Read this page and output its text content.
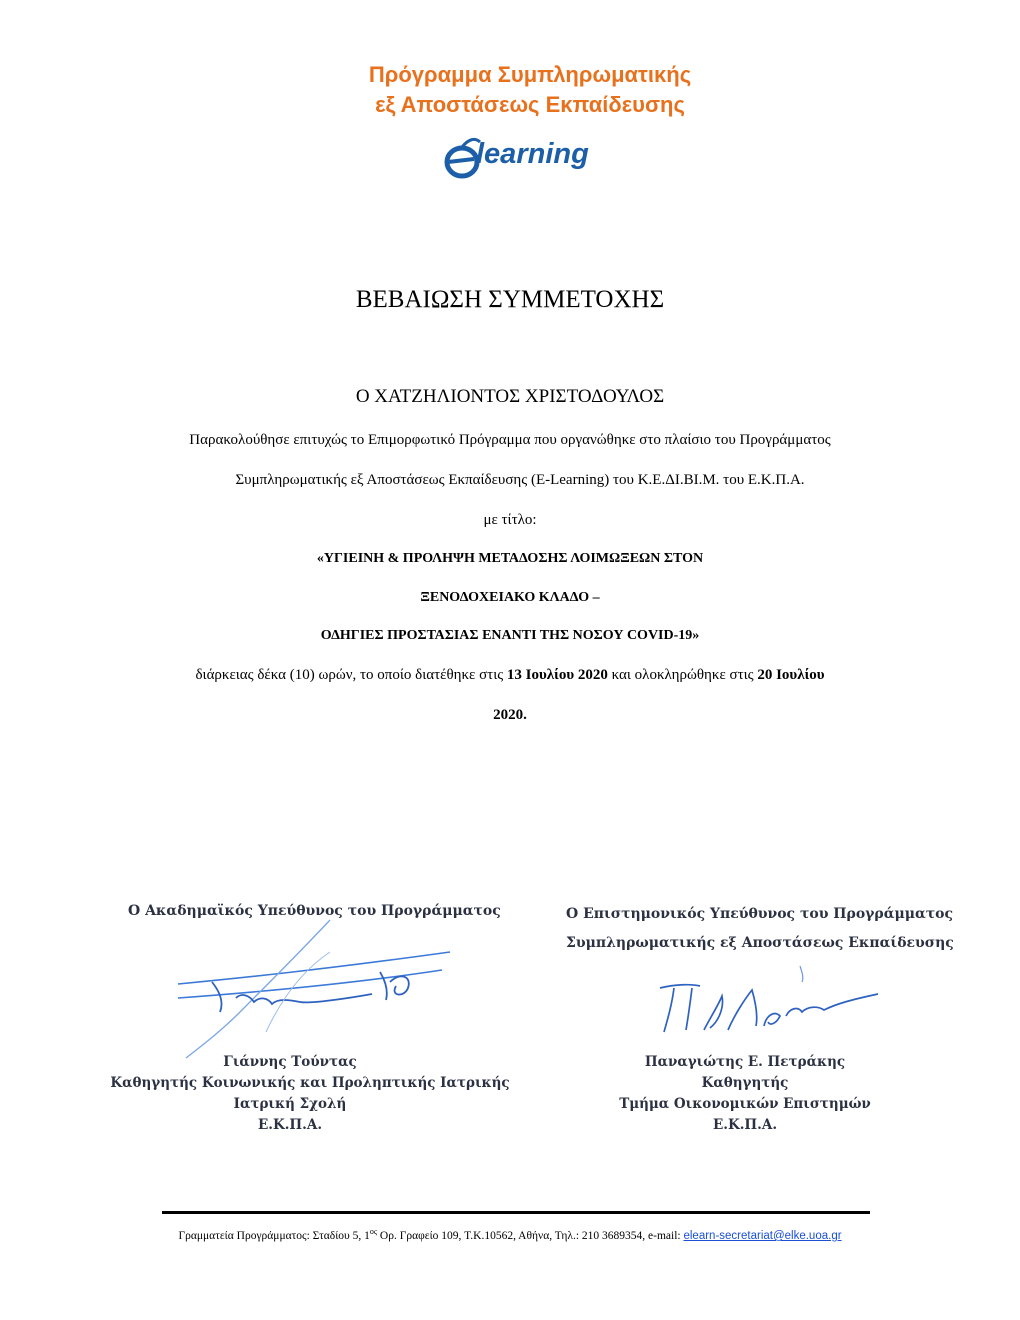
Πρόγραμμα Συμπληρωματικής
εξ Αποστάσεως Εκπαίδευσης
learning
ΒΕΒΑΙΩΣΗ ΣΥΜΜΕΤΟΧΗΣ
Ο ΧΑΤΖΗΛΙΟΝΤΟΣ ΧΡΙΣΤΟΔΟΥΛΟΣ
Παρακολούθησε επιτυχώς το Επιμορφωτικό Πρόγραμμα που οργανώθηκε στο πλαίσιο του Προγράμματος
Συμπληρωματικής εξ Αποστάσεως Εκπαίδευσης (E-Learning) του Κ.Ε.ΔΙ.ΒΙ.Μ. του Ε.Κ.Π.Α.
με τίτλο:
«ΥΓΙΕΙΝΗ & ΠΡΟΛΗΨΗ ΜΕΤΑΔΟΣΗΣ ΛΟΙΜΩΞΕΩΝ ΣΤΟΝ
ΞΕΝΟΔΟΧΕΙΑΚΟ ΚΛΑΔΟ –
ΟΔΗΓΙΕΣ ΠΡΟΣΤΑΣΙΑΣ ΕΝΑΝΤΙ ΤΗΣ ΝΟΣΟΥ COVID-19»
διάρκειας δέκα (10) ωρών, το οποίο διατέθηκε στις 13 Ιουλίου 2020 και ολοκληρώθηκε στις 20 Ιουλίου
2020.
Ο Ακαδημαϊκός Υπεύθυνος του Προγράμματος
Γιάννης Τούντας
Καθηγητής Κοινωνικής και Προληπτικής Ιατρικής
Ιατρική Σχολή
Ε.Κ.Π.Α.
Ο Επιστημονικός Υπεύθυνος του Προγράμματος
Συμπληρωματικής εξ Αποστάσεως Εκπαίδευσης
Παναγιώτης Ε. Πετράκης
Καθηγητής
Τμήμα Οικονομικών Επιστημών
Ε.Κ.Π.Α.
Γραμματεία Προγράμματος: Σταδίου 5, $1^{o\varsigma}$ Ορ. Γραφείο 109, Τ.Κ.10562, Αθήνα, Τηλ.: 210 3689354, e-mail: elearn-secretariat@elke.uoa.gr
